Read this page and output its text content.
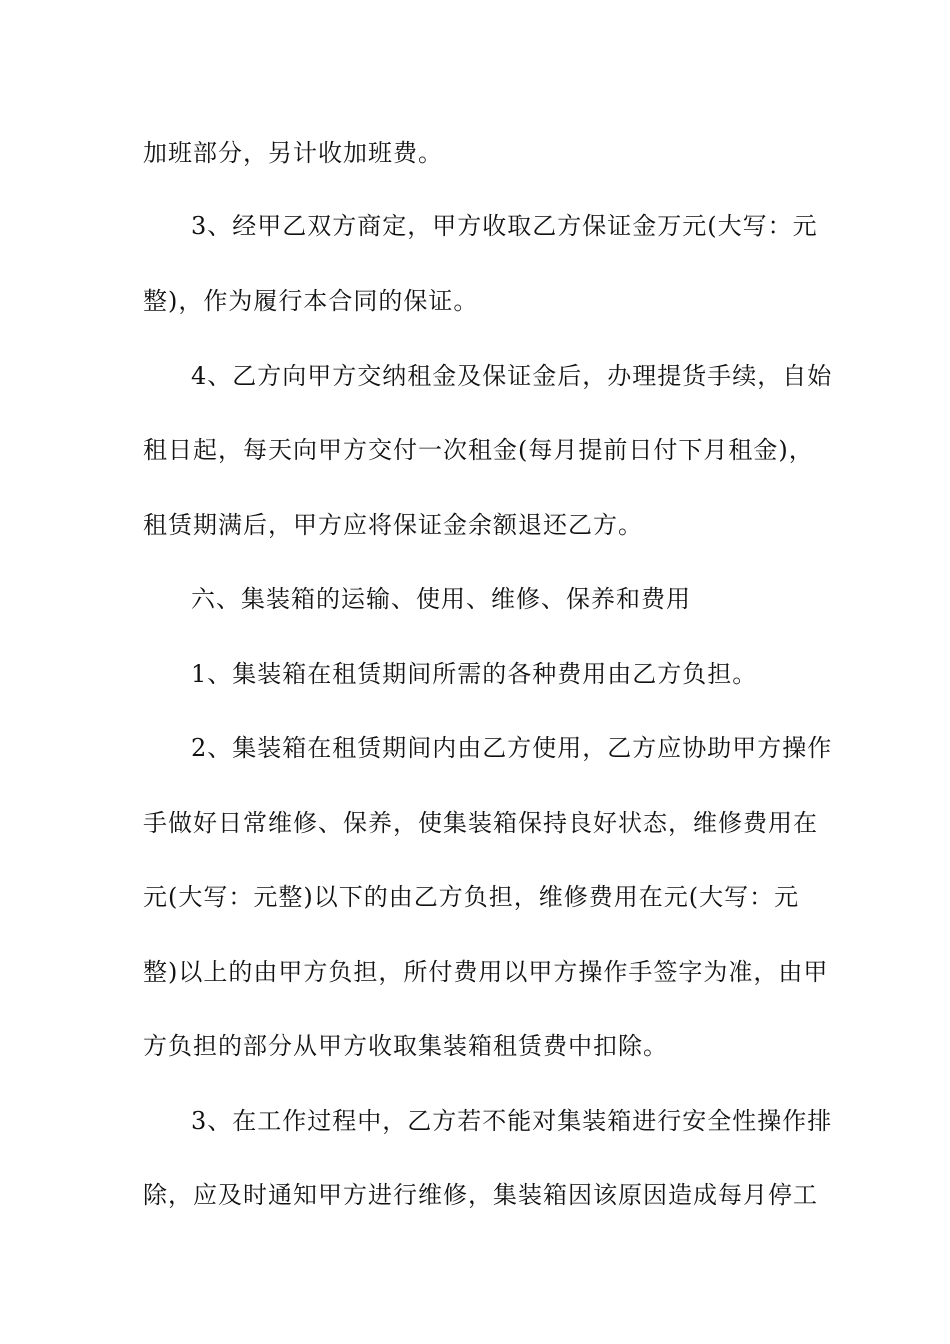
加班部分，另计收加班费。

3、经甲乙双方商定，甲方收取乙方保证金万元(大写：元

整)，作为履行本合同的保证。

4、乙方向甲方交纳租金及保证金后，办理提货手续，自始

租日起，每天向甲方交付一次租金(每月提前日付下月租金)，

租赁期满后，甲方应将保证金余额退还乙方。

六、集装箱的运输、使用、维修、保养和费用

1、集装箱在租赁期间所需的各种费用由乙方负担。

2、集装箱在租赁期间内由乙方使用，乙方应协助甲方操作

手做好日常维修、保养，使集装箱保持良好状态，维修费用在

元(大写：元整)以下的由乙方负担，维修费用在元(大写：元

整)以上的由甲方负担，所付费用以甲方操作手签字为准，由甲

方负担的部分从甲方收取集装箱租赁费中扣除。

3、在工作过程中，乙方若不能对集装箱进行安全性操作排

除，应及时通知甲方进行维修，集装箱因该原因造成每月停工
